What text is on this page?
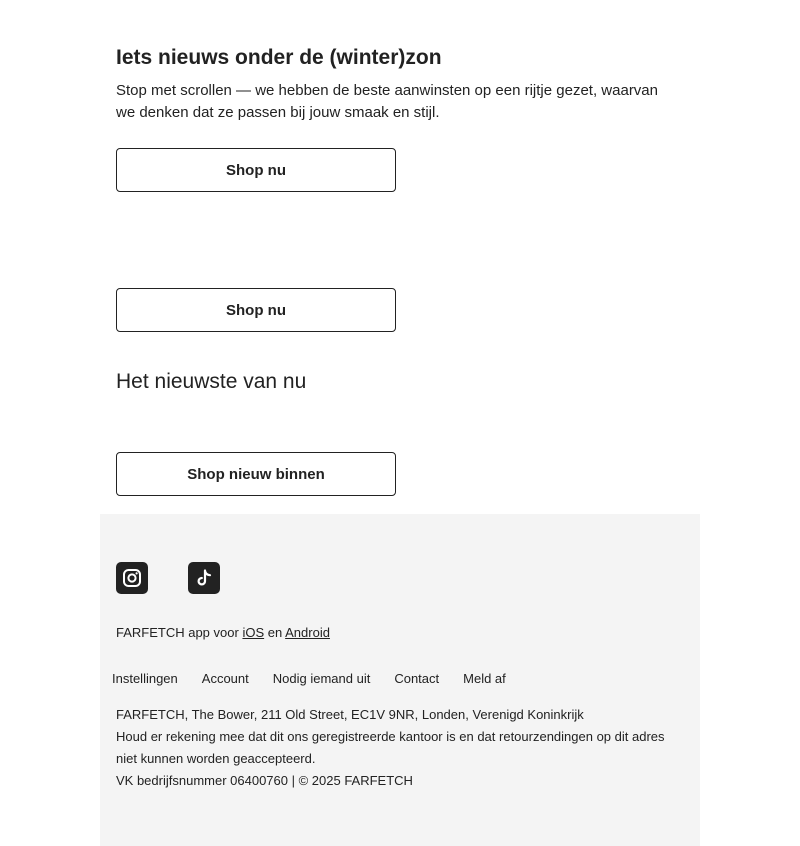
Iets nieuws onder de (winter)zon

Stop met scrollen — we hebben de beste aanwinsten op een rijtje gezet, waarvan we denken dat ze passen bij jouw smaak en stijl.

Shop nu
Shop nu
Het nieuwste van nu
Shop nieuw binnen
FARFETCH app voor iOS en Android
Instellingen Account Nodig iemand uit Contact Meld af

FARFETCH, The Bower, 211 Old Street, EC1V 9NR, Londen, Verenigd Koninkrijk

Houd er rekening mee dat dit ons geregistreerde kantoor is en dat retourzendingen op dit adres niet kunnen worden geaccepteerd.

VK bedrijfsnummer 06400760 | © 2025 FARFETCH
